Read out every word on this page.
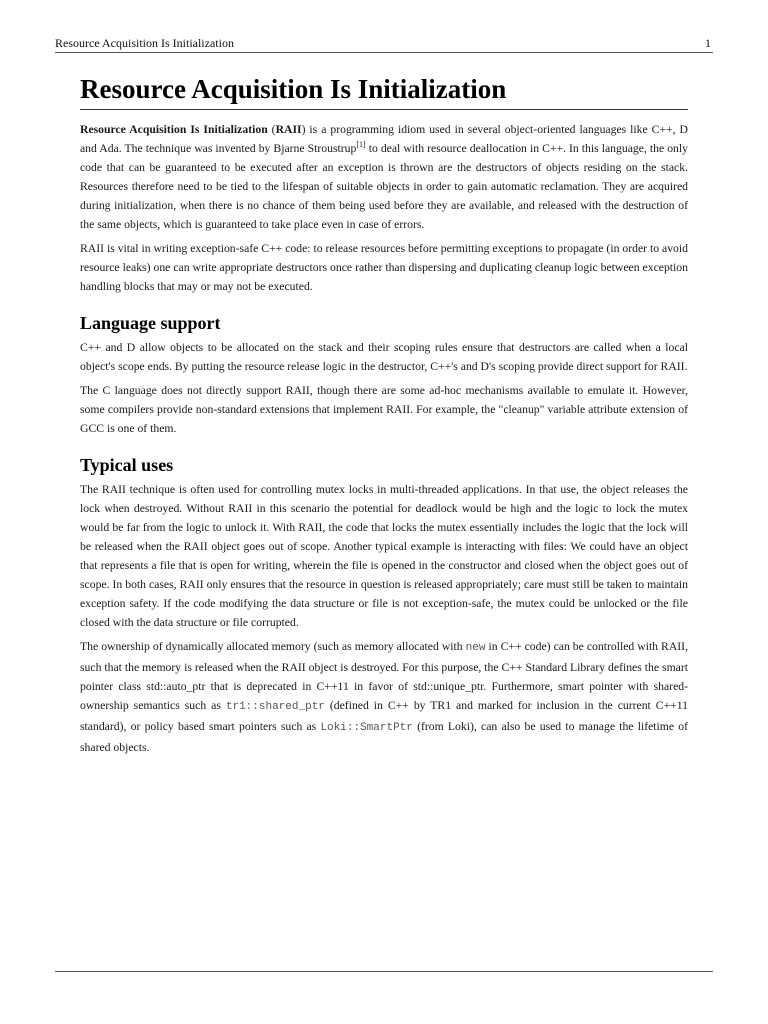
Resource Acquisition Is Initialization	1
Resource Acquisition Is Initialization

Resource Acquisition Is Initialization (RAII) is a programming idiom used in several object-oriented languages like C++, D and Ada. The technique was invented by Bjarne Stroustrup[1] to deal with resource deallocation in C++. In this language, the only code that can be guaranteed to be executed after an exception is thrown are the destructors of objects residing on the stack. Resources therefore need to be tied to the lifespan of suitable objects in order to gain automatic reclamation. They are acquired during initialization, when there is no chance of them being used before they are available, and released with the destruction of the same objects, which is guaranteed to take place even in case of errors.

RAII is vital in writing exception-safe C++ code: to release resources before permitting exceptions to propagate (in order to avoid resource leaks) one can write appropriate destructors once rather than dispersing and duplicating cleanup logic between exception handling blocks that may or may not be executed.

Language support

C++ and D allow objects to be allocated on the stack and their scoping rules ensure that destructors are called when a local object's scope ends. By putting the resource release logic in the destructor, C++'s and D's scoping provide direct support for RAII.

The C language does not directly support RAII, though there are some ad-hoc mechanisms available to emulate it. However, some compilers provide non-standard extensions that implement RAII. For example, the "cleanup" variable attribute extension of GCC is one of them.

Typical uses

The RAII technique is often used for controlling mutex locks in multi-threaded applications. In that use, the object releases the lock when destroyed. Without RAII in this scenario the potential for deadlock would be high and the logic to lock the mutex would be far from the logic to unlock it. With RAII, the code that locks the mutex essentially includes the logic that the lock will be released when the RAII object goes out of scope. Another typical example is interacting with files: We could have an object that represents a file that is open for writing, wherein the file is opened in the constructor and closed when the object goes out of scope. In both cases, RAII only ensures that the resource in question is released appropriately; care must still be taken to maintain exception safety. If the code modifying the data structure or file is not exception-safe, the mutex could be unlocked or the file closed with the data structure or file corrupted.

The ownership of dynamically allocated memory (such as memory allocated with new in C++ code) can be controlled with RAII, such that the memory is released when the RAII object is destroyed. For this purpose, the C++ Standard Library defines the smart pointer class std::auto_ptr that is deprecated in C++11 in favor of std::unique_ptr. Furthermore, smart pointer with shared-ownership semantics such as tr1::shared_ptr (defined in C++ by TR1 and marked for inclusion in the current C++11 standard), or policy based smart pointers such as Loki::SmartPtr (from Loki), can also be used to manage the lifetime of shared objects.
